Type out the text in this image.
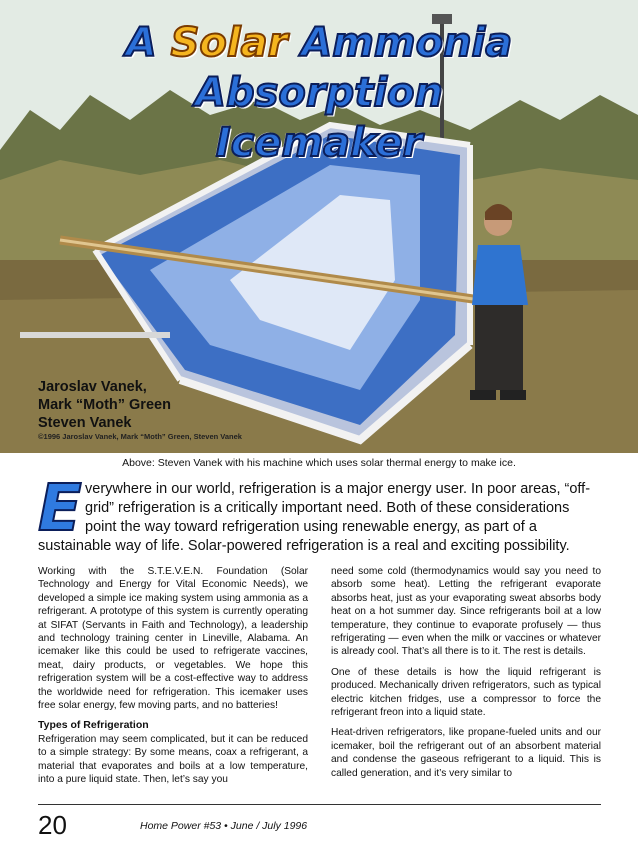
A Solar Ammonia Absorption
Icemaker
Jaroslav Vanek,
Mark “Moth” Green
Steven Vanek
©1996 Jaroslav Vanek, Mark “Moth” Green, Steven Vanek
Above: Steven Vanek with his machine which uses solar thermal energy to make ice.
E verywhere in our world, refrigeration is a major energy user. In poor areas, “off-
grid” refrigeration is a critically important need. Both of these considerations
point the way toward refrigeration using renewable energy, as part of a
sustainable way of life. Solar-powered refrigeration is a real and exciting possibility.

Working with the S.T.E.V.E.N. Foundation (Solar Technology and Energy for Vital Economic Needs), we developed a simple ice making system using ammonia as a refrigerant. A prototype of this system is currently operating at SIFAT (Servants in Faith and Technology), a leadership and technology training center in Lineville, Alabama. An icemaker like this could be used to refrigerate vaccines, meat, dairy products, or vegetables. We hope this refrigeration system will be a cost-effective way to address the worldwide need for refrigeration. This icemaker uses free solar energy, few moving parts, and no batteries!

Types of Refrigeration

Refrigeration may seem complicated, but it can be reduced to a simple strategy: By some means, coax a refrigerant, a material that evaporates and boils at a low temperature, into a pure liquid state. Then, let’s say you

need some cold (thermodynamics would say you need to absorb some heat). Letting the refrigerant evaporate absorbs heat, just as your evaporating sweat absorbs body heat on a hot summer day. Since refrigerants boil at a low temperature, they continue to evaporate profusely — thus refrigerating — even when the milk or vaccines or whatever is already cool. That’s all there is to it. The rest is details.

One of these details is how the liquid refrigerant is produced. Mechanically driven refrigerators, such as typical electric kitchen fridges, use a compressor to force the refrigerant freon into a liquid state.

Heat-driven refrigerators, like propane-fueled units and our icemaker, boil the refrigerant out of an absorbent material and condense the gaseous refrigerant to a liquid. This is called generation, and it’s very similar to

20	Home Power #53 • June / July 1996
